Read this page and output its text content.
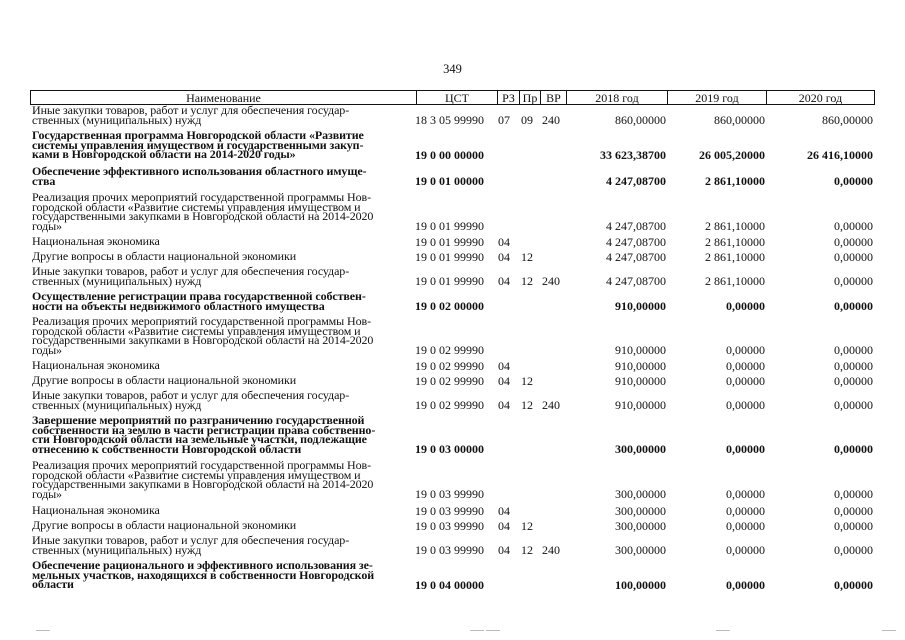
349
Наименование	ЦСТ	РЗ Пр ВР	2018 год	2019 год	2020 год
Иные закупки товаров, работ и услуг для обеспечения государ-
ственных (муниципальных) нужд	18 3 05 99990 07 09 240	860,00000	860,00000	860,00000
Государственная программа Новгородской области «Развитие
системы управления имуществом и государственными закуп-
ками в Новгородской области на 2014-2020 годы»	19 0 00 00000	33 623,38700	26 005,20000	26 416,10000
Обеспечение эффективного использования областного имуще-
ства	19 0 01 00000	4 247,08700	2 861,10000	0,00000
Реализация прочих мероприятий государственной программы Нов-
городской области «Развитие системы управления имуществом и
государственными закупками в Новгородской области на 2014-2020
годы»	19 0 01 99990	4 247,08700	2 861,10000	0,00000
Национальная экономика	19 0 01 99990 04	4 247,08700	2 861,10000	0,00000
Другие вопросы в области национальной экономики	19 0 01 99990 04 12	4 247,08700	2 861,10000	0,00000
Иные закупки товаров, работ и услуг для обеспечения государ-
ственных (муниципальных) нужд	19 0 01 99990 04 12 240	4 247,08700	2 861,10000	0,00000
Осуществление регистрации права государственной собствен-
ности на объекты недвижимого областного имущества	19 0 02 00000	910,00000	0,00000	0,00000
Реализация прочих мероприятий государственной программы Нов-
городской области «Развитие системы управления имуществом и
государственными закупками в Новгородской области на 2014-2020
годы»	19 0 02 99990	910,00000	0,00000	0,00000
Национальная экономика	19 0 02 99990 04	910,00000	0,00000	0,00000
Другие вопросы в области национальной экономики	19 0 02 99990 04 12	910,00000	0,00000	0,00000
Иные закупки товаров, работ и услуг для обеспечения государ-
ственных (муниципальных) нужд	19 0 02 99990 04 12 240	910,00000	0,00000	0,00000
Завершение мероприятий по разграничению государственной
собственности на землю в части регистрации права собственно-
сти Новгородской области на земельные участки, подлежащие
отнесению к собственности Новгородской области	19 0 03 00000	300,00000	0,00000	0,00000
Реализация прочих мероприятий государственной программы Нов-
городской области «Развитие системы управления имуществом и
государственными закупками в Новгородской области на 2014-2020
годы»	19 0 03 99990	300,00000	0,00000	0,00000
Национальная экономика	19 0 03 99990 04	300,00000	0,00000	0,00000
Другие вопросы в области национальной экономики	19 0 03 99990 04 12	300,00000	0,00000	0,00000
Иные закупки товаров, работ и услуг для обеспечения государ-
ственных (муниципальных) нужд	19 0 03 99990 04 12 240	300,00000	0,00000	0,00000
Обеспечение рационального и эффективного использования зе-
мельных участков, находящихся в собственности Новгородской
области	19 0 04 00000	100,00000	0,00000	0,00000
